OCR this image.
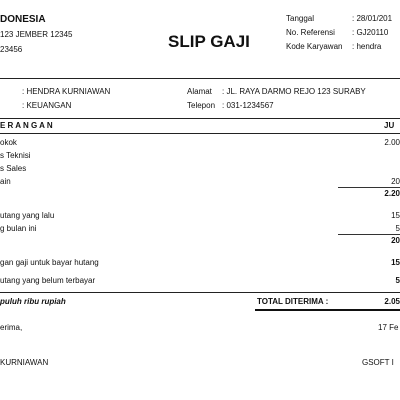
DONESIA
123 JEMBER 12345
23456	SLIP GAJI
Tanggal	: 28/01/201
No. Referensi : GJ20110
Kode Karyawan : hendra
: HENDRA KURNIAWAN
: KEUANGAN
Alamat : JL. RAYA DARMO REJO 123 SURABY
Telepon : 031-1234567
E R A N G A N	JU
okok	2.00
s Teknisi
s Sales
ain	20
2.20
utang yang lalu	15
g bulan ini	5
20
gan gaji untuk bayar hutang	15
utang yang belum terbayar	5
puluh ribu rupiah	TOTAL DITERIMA :	2.05
erima,	17 Fe
KURNIAWAN	GSOFT I
